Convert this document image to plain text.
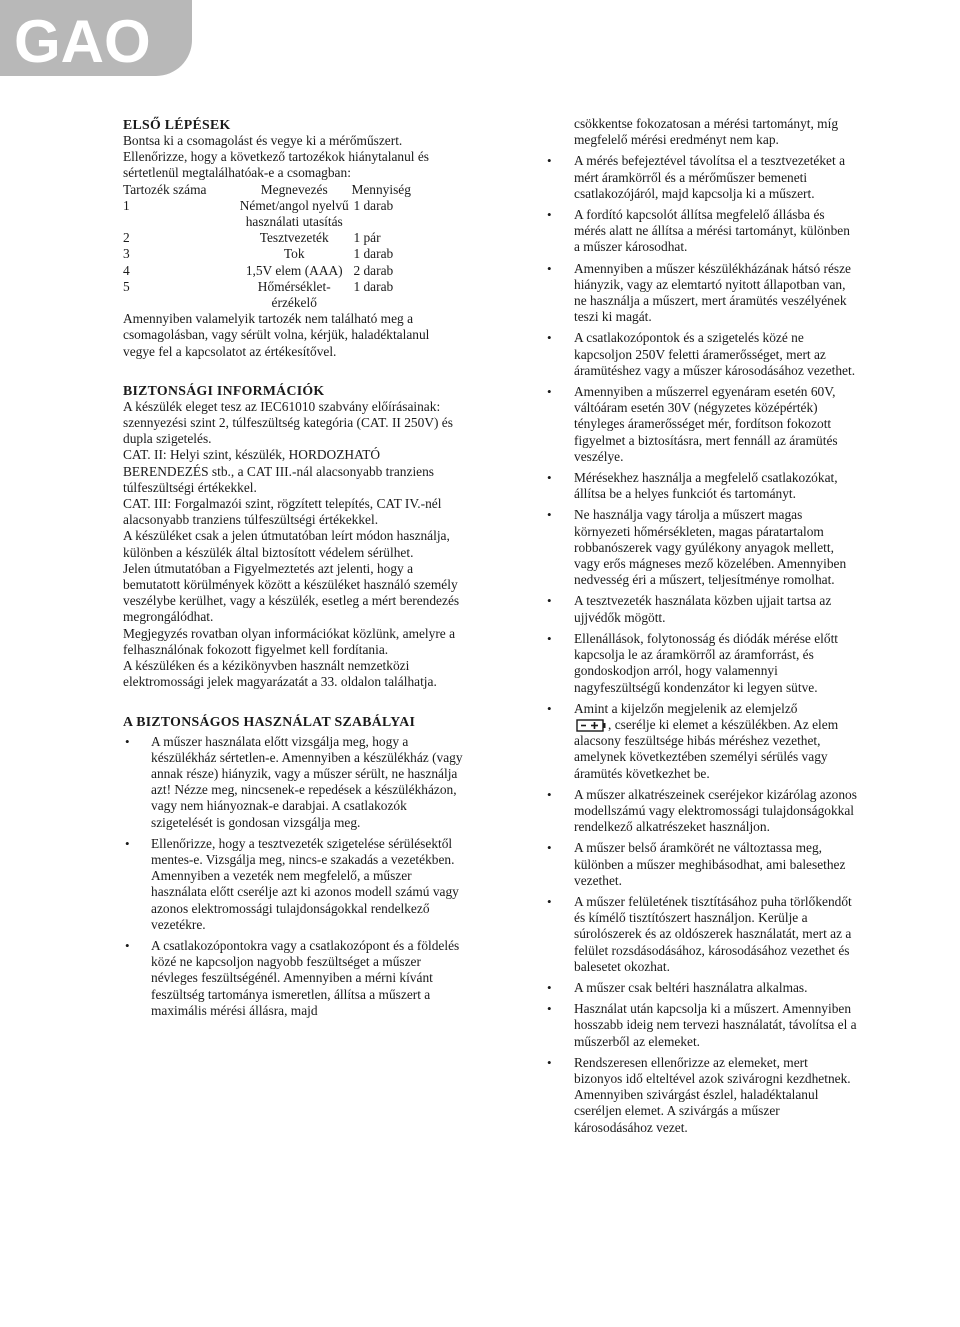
GAO

ELSŐ LÉPÉSEK

Bontsa ki a csomagolást és vegye ki a mérőműszert. Ellenőrizze, hogy a következő tartozékok hiánytalanul és sértetlenül megtalálhatóak-e a csomagban:

Tartozék száma	Megnevezés	Mennyiség
1	Német/angol nyelvű használati utasítás	1 darab
2	Tesztvezeték	1 pár
3	Tok	1 darab
4	1,5V elem (AAA)	2 darab
5	Hőmérséklet-érzékelő	1 darab

Amennyiben valamelyik tartozék nem található meg a csomagolásban, vagy sérült volna, kérjük, haladéktalanul vegye fel a kapcsolatot az értékesítővel.

BIZTONSÁGI INFORMÁCIÓK

A készülék eleget tesz az IEC61010 szabvány előírásainak: szennyezési szint 2, túlfeszültség kategória (CAT. II 250V) és dupla szigetelés.

CAT. II: Helyi szint, készülék, HORDOZHATÓ BERENDEZÉS stb., a CAT III.-nál alacsonyabb tranziens túlfeszültségi értékekkel.

CAT. III: Forgalmazói szint, rögzített telepítés, CAT IV.-nél alacsonyabb tranziens túlfeszültségi értékekkel.

A készüléket csak a jelen útmutatóban leírt módon használja, különben a készülék által biztosított védelem sérülhet.

Jelen útmutatóban a Figyelmeztetés azt jelenti, hogy a bemutatott körülmények között a készüléket használó személy veszélybe kerülhet, vagy a készülék, esetleg a mért berendezés megrongálódhat.

Megjegyzés rovatban olyan információkat közlünk, amelyre a felhasználónak fokozott figyelmet kell fordítania.

A készüléken és a kézikönyvben használt nemzetközi elektromossági jelek magyarázatát a 33. oldalon találhatja.

A BIZTONSÁGOS HASZNÁLAT SZABÁLYAI

• A műszer használata előtt vizsgálja meg, hogy a készülékház sértetlen-e. Amennyiben a készülékház (vagy annak része) hiányzik, vagy a műszer sérült, ne használja azt! Nézze meg, nincsenek-e repedések a készülékházon, vagy nem hiányoznak-e darabjai. A csatlakozók szigetelését is gondosan vizsgálja meg.
• Ellenőrizze, hogy a tesztvezeték szigetelése sérülésektől mentes-e. Vizsgálja meg, nincs-e szakadás a vezetékben. Amennyiben a vezeték nem megfelelő, a műszer használata előtt cserélje azt ki azonos modell számú vagy azonos elektromossági tulajdonságokkal rendelkező vezetékre.
• A csatlakozópontokra vagy a csatlakozópont és a földelés közé ne kapcsoljon nagyobb feszültséget a műszer névleges feszültségénél. Amennyiben a mérni kívánt feszültség tartománya ismeretlen, állítsa a műszert a maximális mérési állásra, majd

csökkentse fokozatosan a mérési tartományt, míg megfelelő mérési eredményt nem kap.

• A mérés befejeztével távolítsa el a tesztvezetéket a mért áramkörről és a mérőműszer bemeneti csatlakozójáról, majd kapcsolja ki a műszert.
• A fordító kapcsolót állítsa megfelelő állásba és mérés alatt ne állítsa a mérési tartományt, különben a műszer károsodhat.
• Amennyiben a műszer készülékházának hátsó része hiányzik, vagy az elemtartó nyitott állapotban van, ne használja a műszert, mert áramütés veszélyének teszi ki magát.
• A csatlakozópontok és a szigetelés közé ne kapcsoljon 250V feletti áramerősséget, mert az áramütéshez vagy a műszer károsodásához vezethet.
• Amennyiben a műszerrel egyenáram esetén 60V, váltóáram esetén 30V (négyzetes középérték) tényleges áramerősséget mér, fordítson fokozott figyelmet a biztosításra, mert fennáll az áramütés veszélye.
• Mérésekhez használja a megfelelő csatlakozókat, állítsa be a helyes funkciót és tartományt.
• Ne használja vagy tárolja a műszert magas környezeti hőmérsékleten, magas páratartalom robbanószerek vagy gyúlékony anyagok mellett, vagy erős mágneses mező közelében. Amennyiben nedvesség éri a műszert, teljesítménye romolhat.
• A tesztvezeték használata közben ujjait tartsa az ujjvédők mögött.
• Ellenállások, folytonosság és diódák mérése előtt kapcsolja le az áramkörről az áramforrást, és gondoskodjon arról, hogy valamennyi nagyfeszültségű kondenzátor ki legyen sütve.
• Amint a kijelzőn megjelenik az elemjelző
, cserélje ki elemet a készülékben. Az elem alacsony feszültsége hibás méréshez vezethet, amelynek következtében személyi sérülés vagy áramütés következhet be.
• A műszer alkatrészeinek cseréjekor kizárólag azonos modellszámú vagy elektromossági tulajdonságokkal rendelkező alkatrészeket használjon.
• A műszer belső áramkörét ne változtassa meg, különben a műszer meghibásodhat, ami balesethez vezethet.
• A műszer felületének tisztításához puha törlőkendőt és kímélő tisztítószert használjon. Kerülje a súrolószerek és az oldószerek használatát, mert az a felület rozsdásodásához, károsodásához vezethet és balesetet okozhat.
• A műszer csak beltéri használatra alkalmas.
• Használat után kapcsolja ki a műszert. Amennyiben hosszabb ideig nem tervezi használatát, távolítsa el a műszerből az elemeket.
• Rendszeresen ellenőrizze az elemeket, mert bizonyos idő elteltével azok szivárogni kezdhetnek. Amennyiben szivárgást észlel, haladéktalanul cseréljen elemet. A szivárgás a műszer károsodásához vezet.
